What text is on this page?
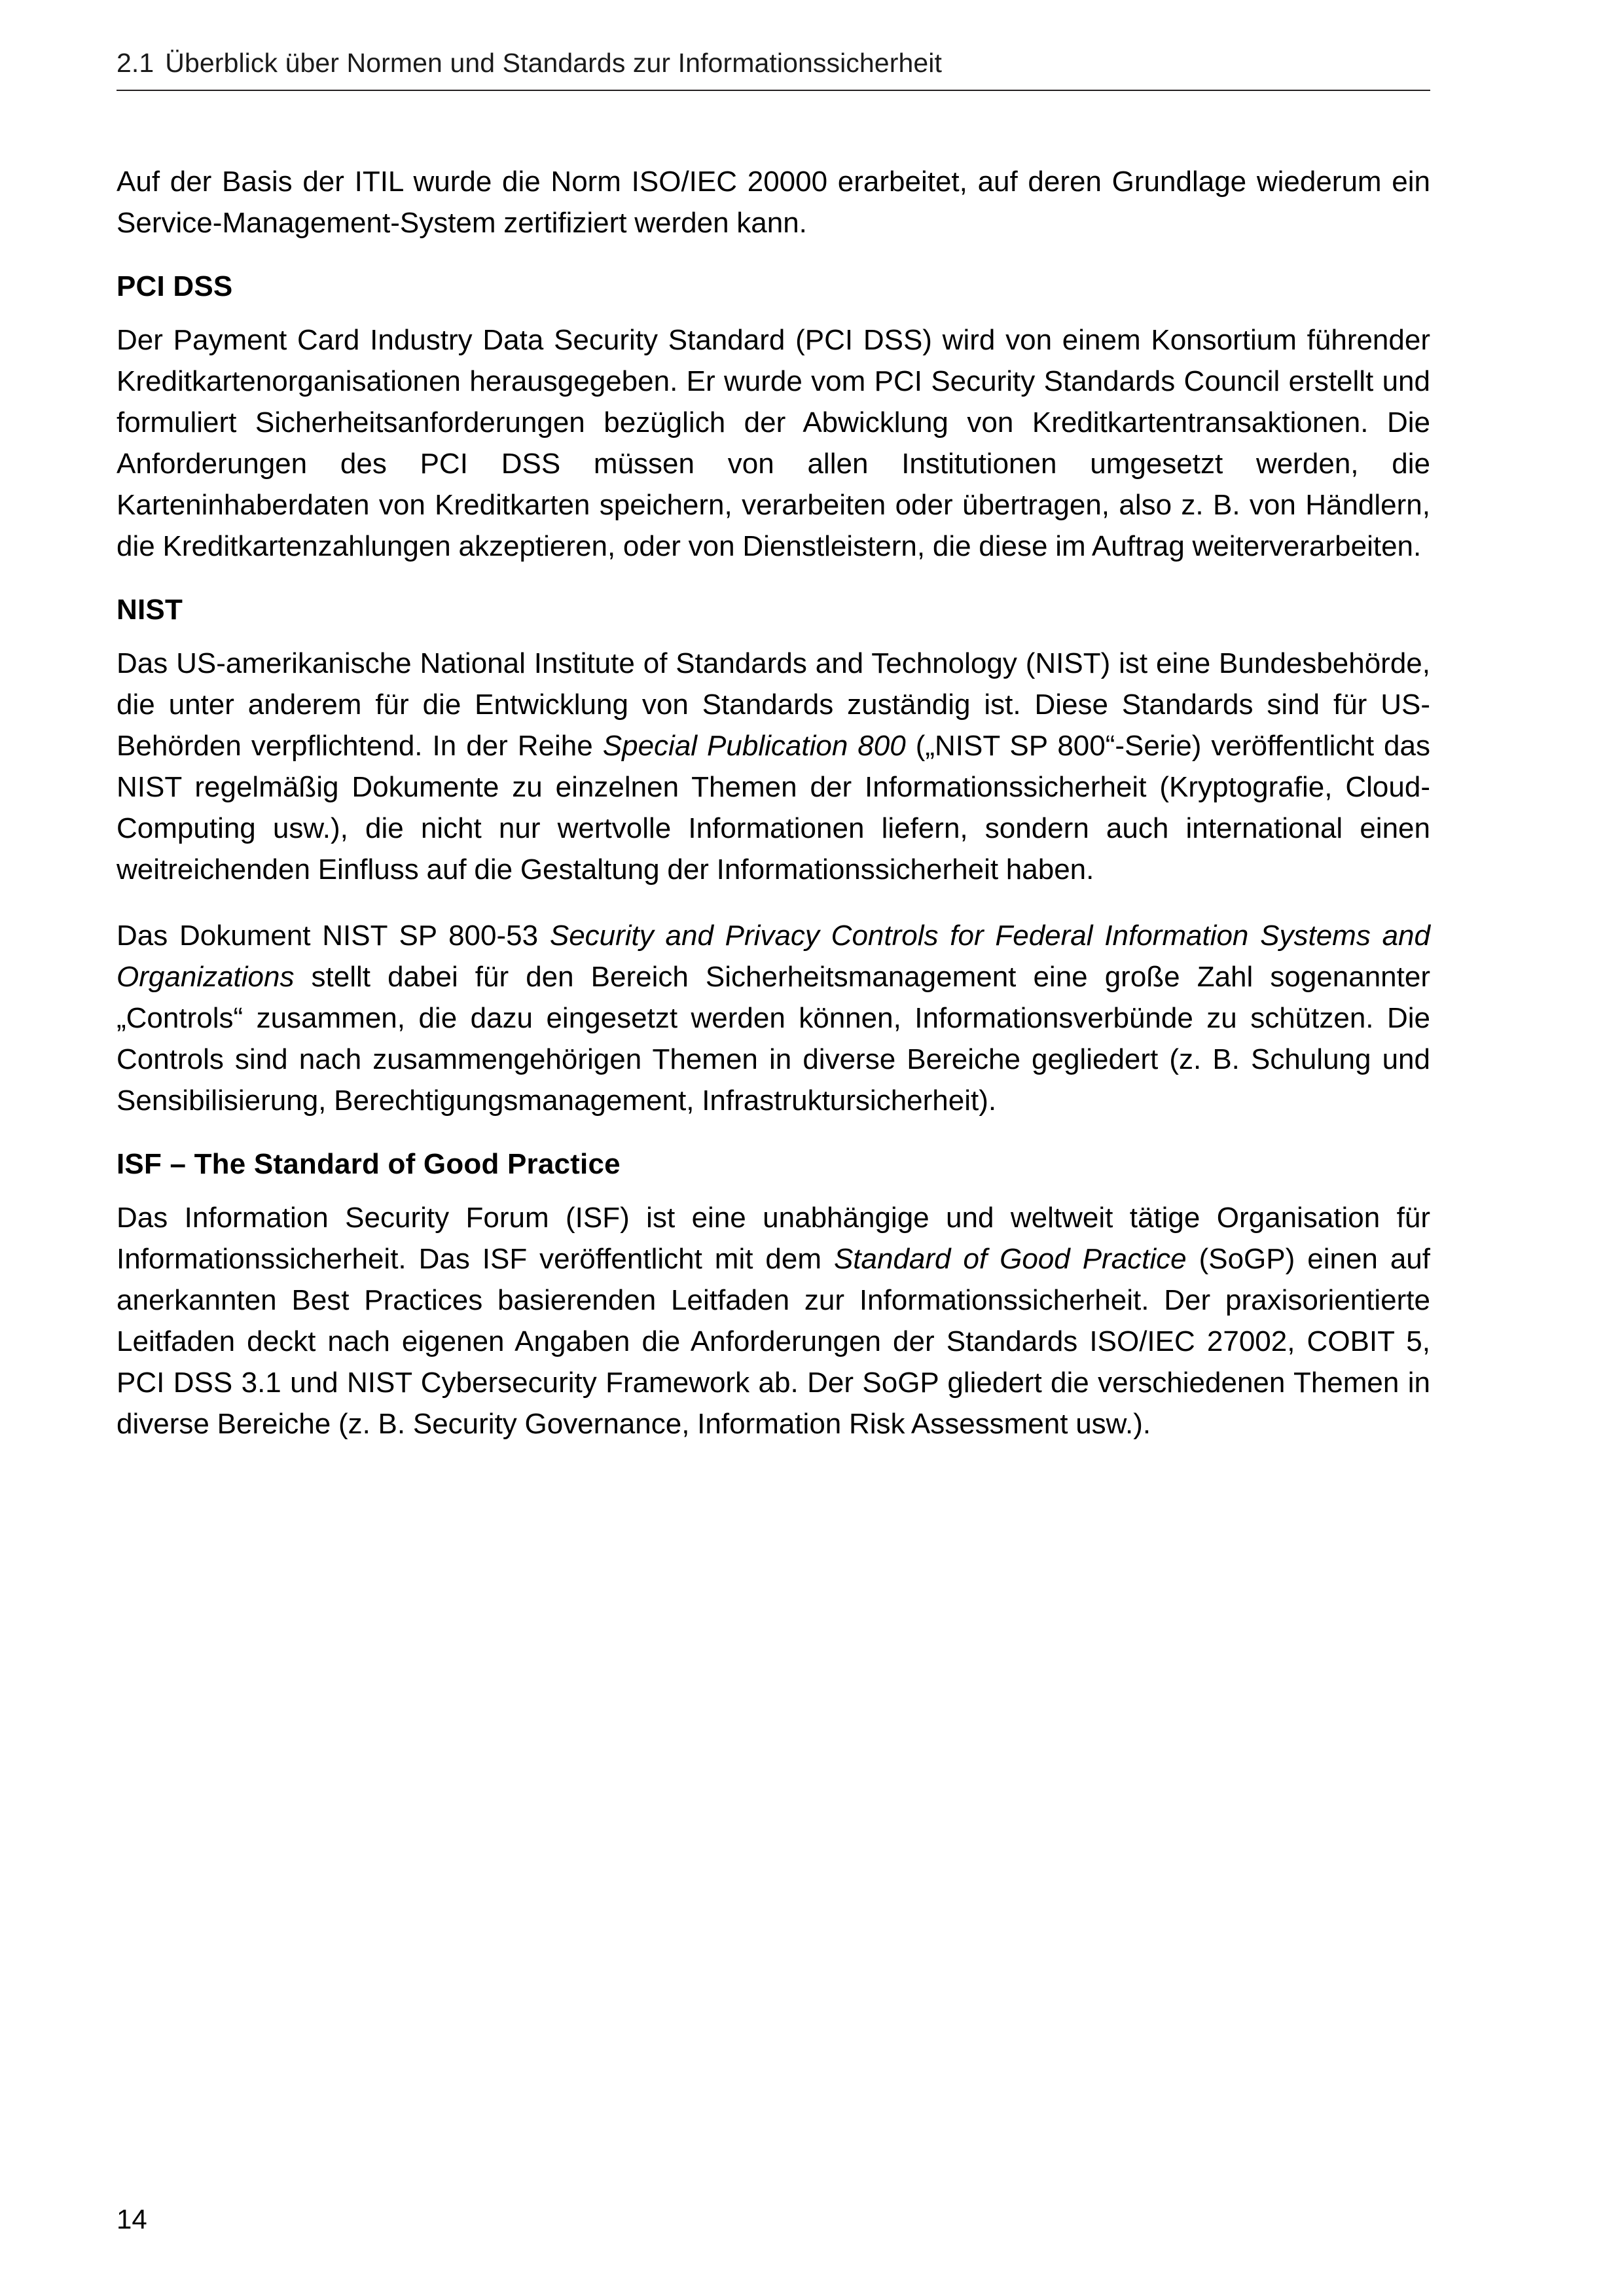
2.1 Überblick über Normen und Standards zur Informationssicherheit

Auf der Basis der ITIL wurde die Norm ISO/IEC 20000 erarbeitet, auf deren Grundlage wiederum ein Service-Management-System zertifiziert werden kann.

PCI DSS

Der Payment Card Industry Data Security Standard (PCI DSS) wird von einem Konsortium führender Kreditkartenorganisationen herausgegeben. Er wurde vom PCI Security Standards Council erstellt und formuliert Sicherheitsanforderungen bezüglich der Abwicklung von Kreditkartentransaktionen. Die Anforderungen des PCI DSS müssen von allen Institutionen umgesetzt werden, die Karteninhaberdaten von Kreditkarten speichern, verarbeiten oder übertragen, also z. B. von Händlern, die Kreditkartenzahlungen akzeptieren, oder von Dienstleistern, die diese im Auftrag weiterverarbeiten.

NIST

Das US-amerikanische National Institute of Standards and Technology (NIST) ist eine Bundesbehörde, die unter anderem für die Entwicklung von Standards zuständig ist. Diese Standards sind für US-Behörden verpflichtend. In der Reihe Special Publication 800 („NIST SP 800“-Serie) veröffentlicht das NIST regelmäßig Dokumente zu einzelnen Themen der Informationssicherheit (Kryptografie, Cloud-Computing usw.), die nicht nur wertvolle Informationen liefern, sondern auch international einen weitreichenden Einfluss auf die Gestaltung der Informationssicherheit haben.

Das Dokument NIST SP 800-53 Security and Privacy Controls for Federal Information Systems and Organizations stellt dabei für den Bereich Sicherheitsmanagement eine große Zahl sogenannter „Controls“ zusammen, die dazu eingesetzt werden können, Informationsverbünde zu schützen. Die Controls sind nach zusammengehörigen Themen in diverse Bereiche gegliedert (z. B. Schulung und Sensibilisierung, Berechtigungsmanagement, Infrastruktursicherheit).

ISF – The Standard of Good Practice

Das Information Security Forum (ISF) ist eine unabhängige und weltweit tätige Organisation für Informationssicherheit. Das ISF veröffentlicht mit dem Standard of Good Practice (SoGP) einen auf anerkannten Best Practices basierenden Leitfaden zur Informationssicherheit. Der praxisorientierte Leitfaden deckt nach eigenen Angaben die Anforderungen der Standards ISO/IEC 27002, COBIT 5, PCI DSS 3.1 und NIST Cybersecurity Framework ab. Der SoGP gliedert die verschiedenen Themen in diverse Bereiche (z. B. Security Governance, Information Risk Assessment usw.).

14
